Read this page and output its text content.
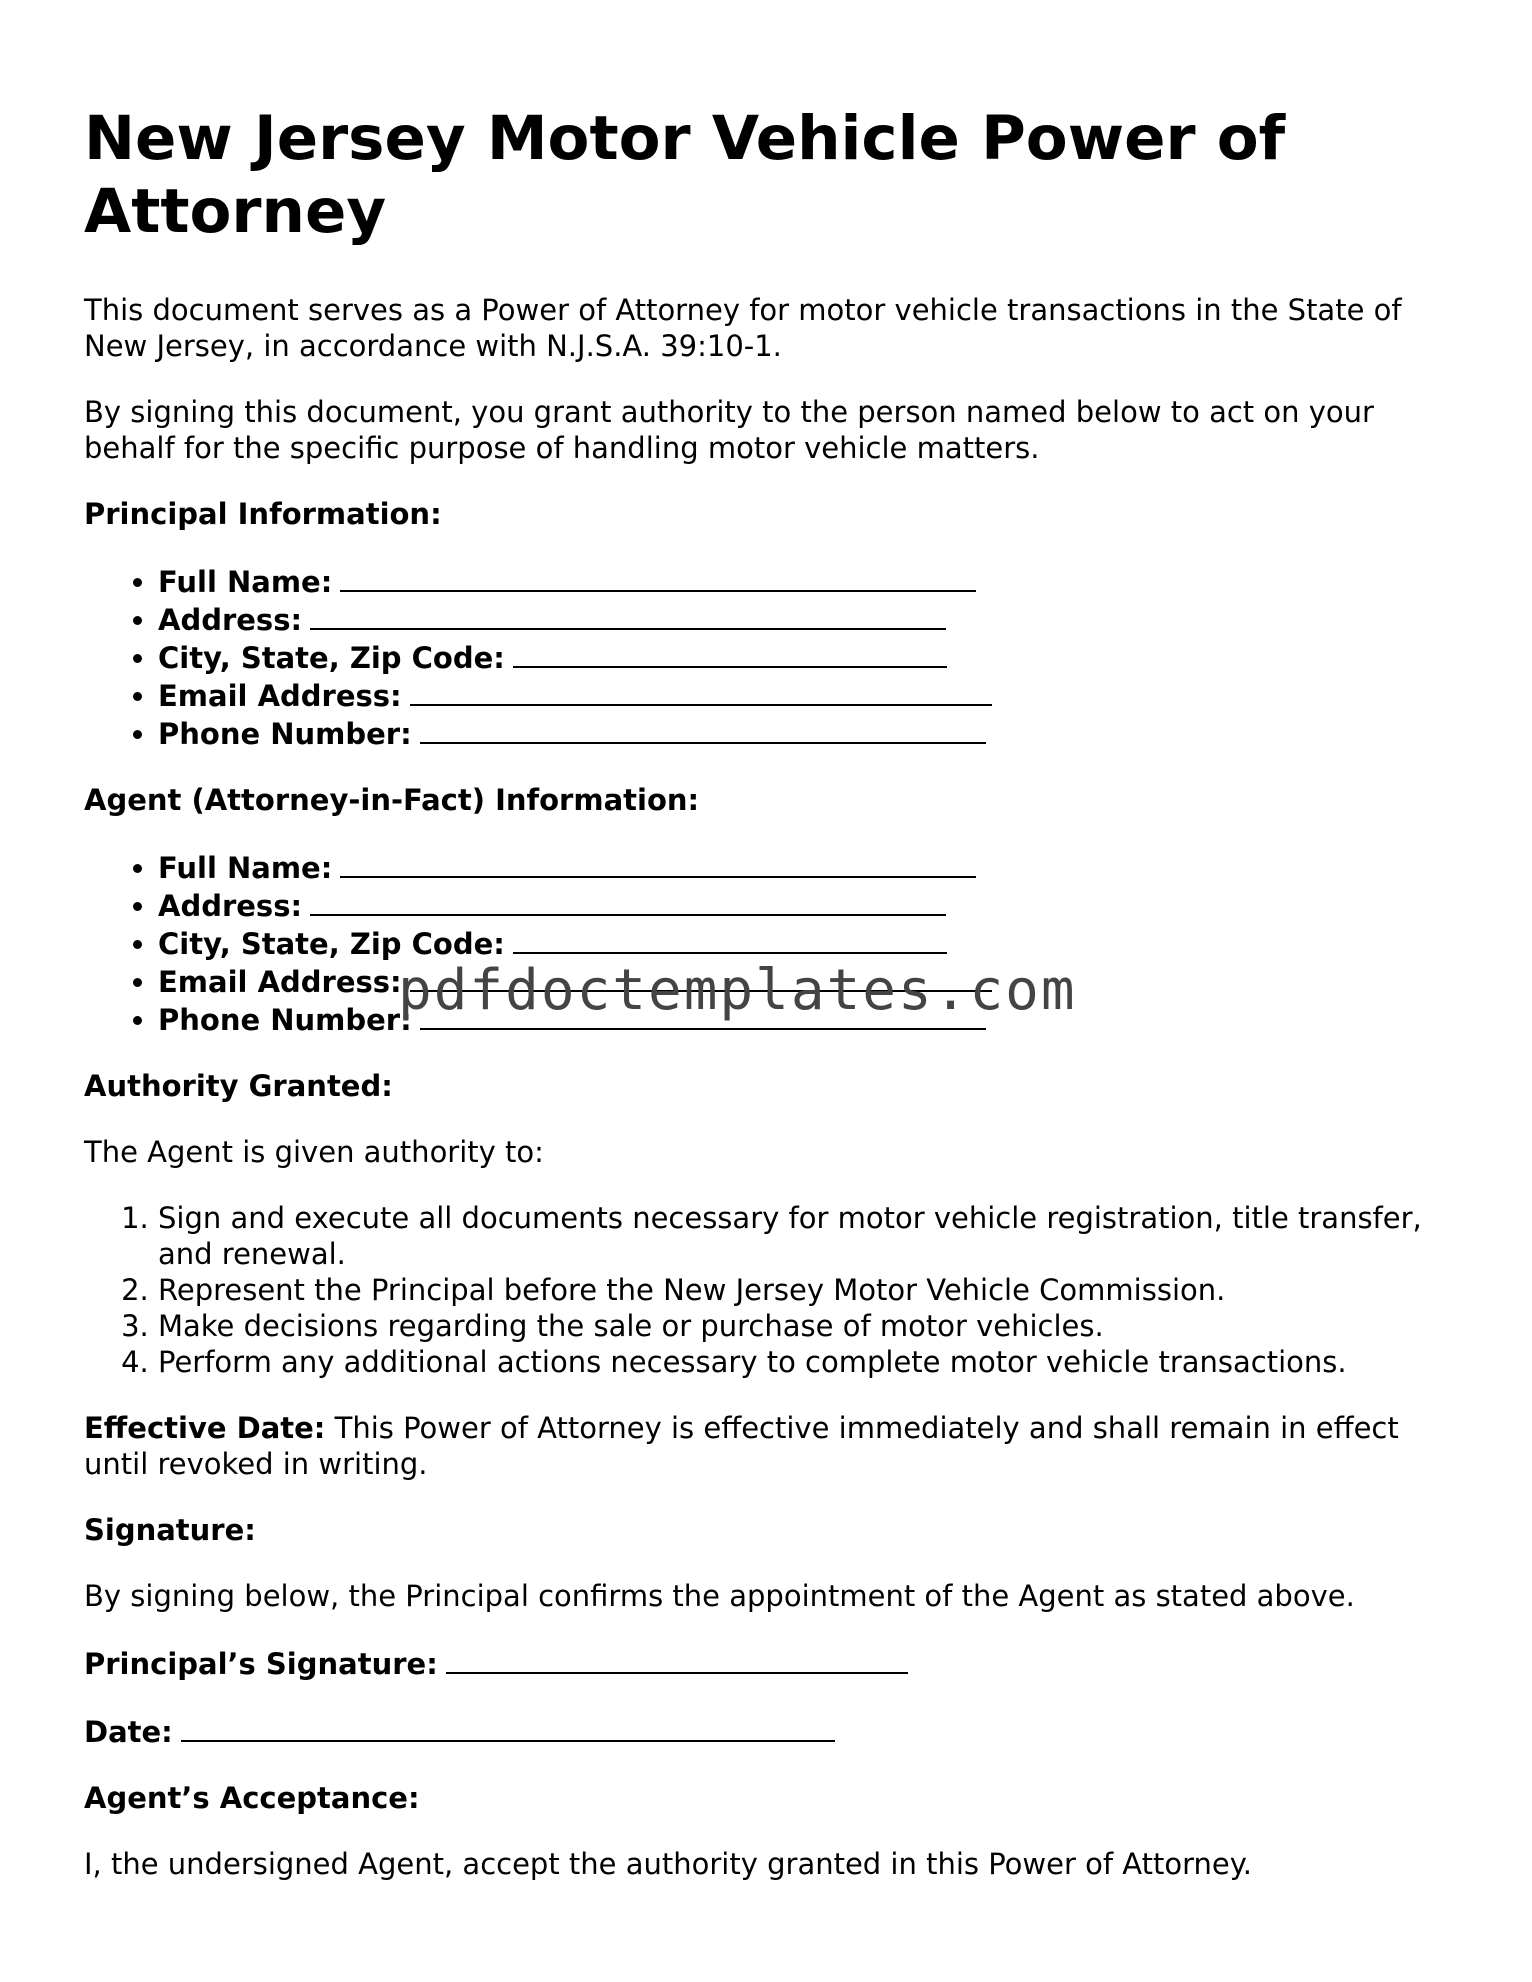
New Jersey Motor Vehicle Power of Attorney

This document serves as a Power of Attorney for motor vehicle transactions in the State of New Jersey, in accordance with N.J.S.A. 39:10-1.

By signing this document, you grant authority to the person named below to act on your behalf for the specific purpose of handling motor vehicle matters.

Principal Information:

• Full Name:
• Address:
• City, State, Zip Code:
• Email Address:
• Phone Number:

Agent (Attorney-in-Fact) Information:

• Full Name:
• Address:
• City, State, Zip Code:
• Email Address:
• Phone Number:

Authority Granted:

The Agent is given authority to:

1. Sign and execute all documents necessary for motor vehicle registration, title transfer, and renewal.
2. Represent the Principal before the New Jersey Motor Vehicle Commission.
3. Make decisions regarding the sale or purchase of motor vehicles.
4. Perform any additional actions necessary to complete motor vehicle transactions.

Effective Date: This Power of Attorney is effective immediately and shall remain in effect until revoked in writing.

Signature:

By signing below, the Principal confirms the appointment of the Agent as stated above.

Principal’s Signature:

Date:

Agent’s Acceptance:

I, the undersigned Agent, accept the authority granted in this Power of Attorney.

pdfdoctemplates.com
